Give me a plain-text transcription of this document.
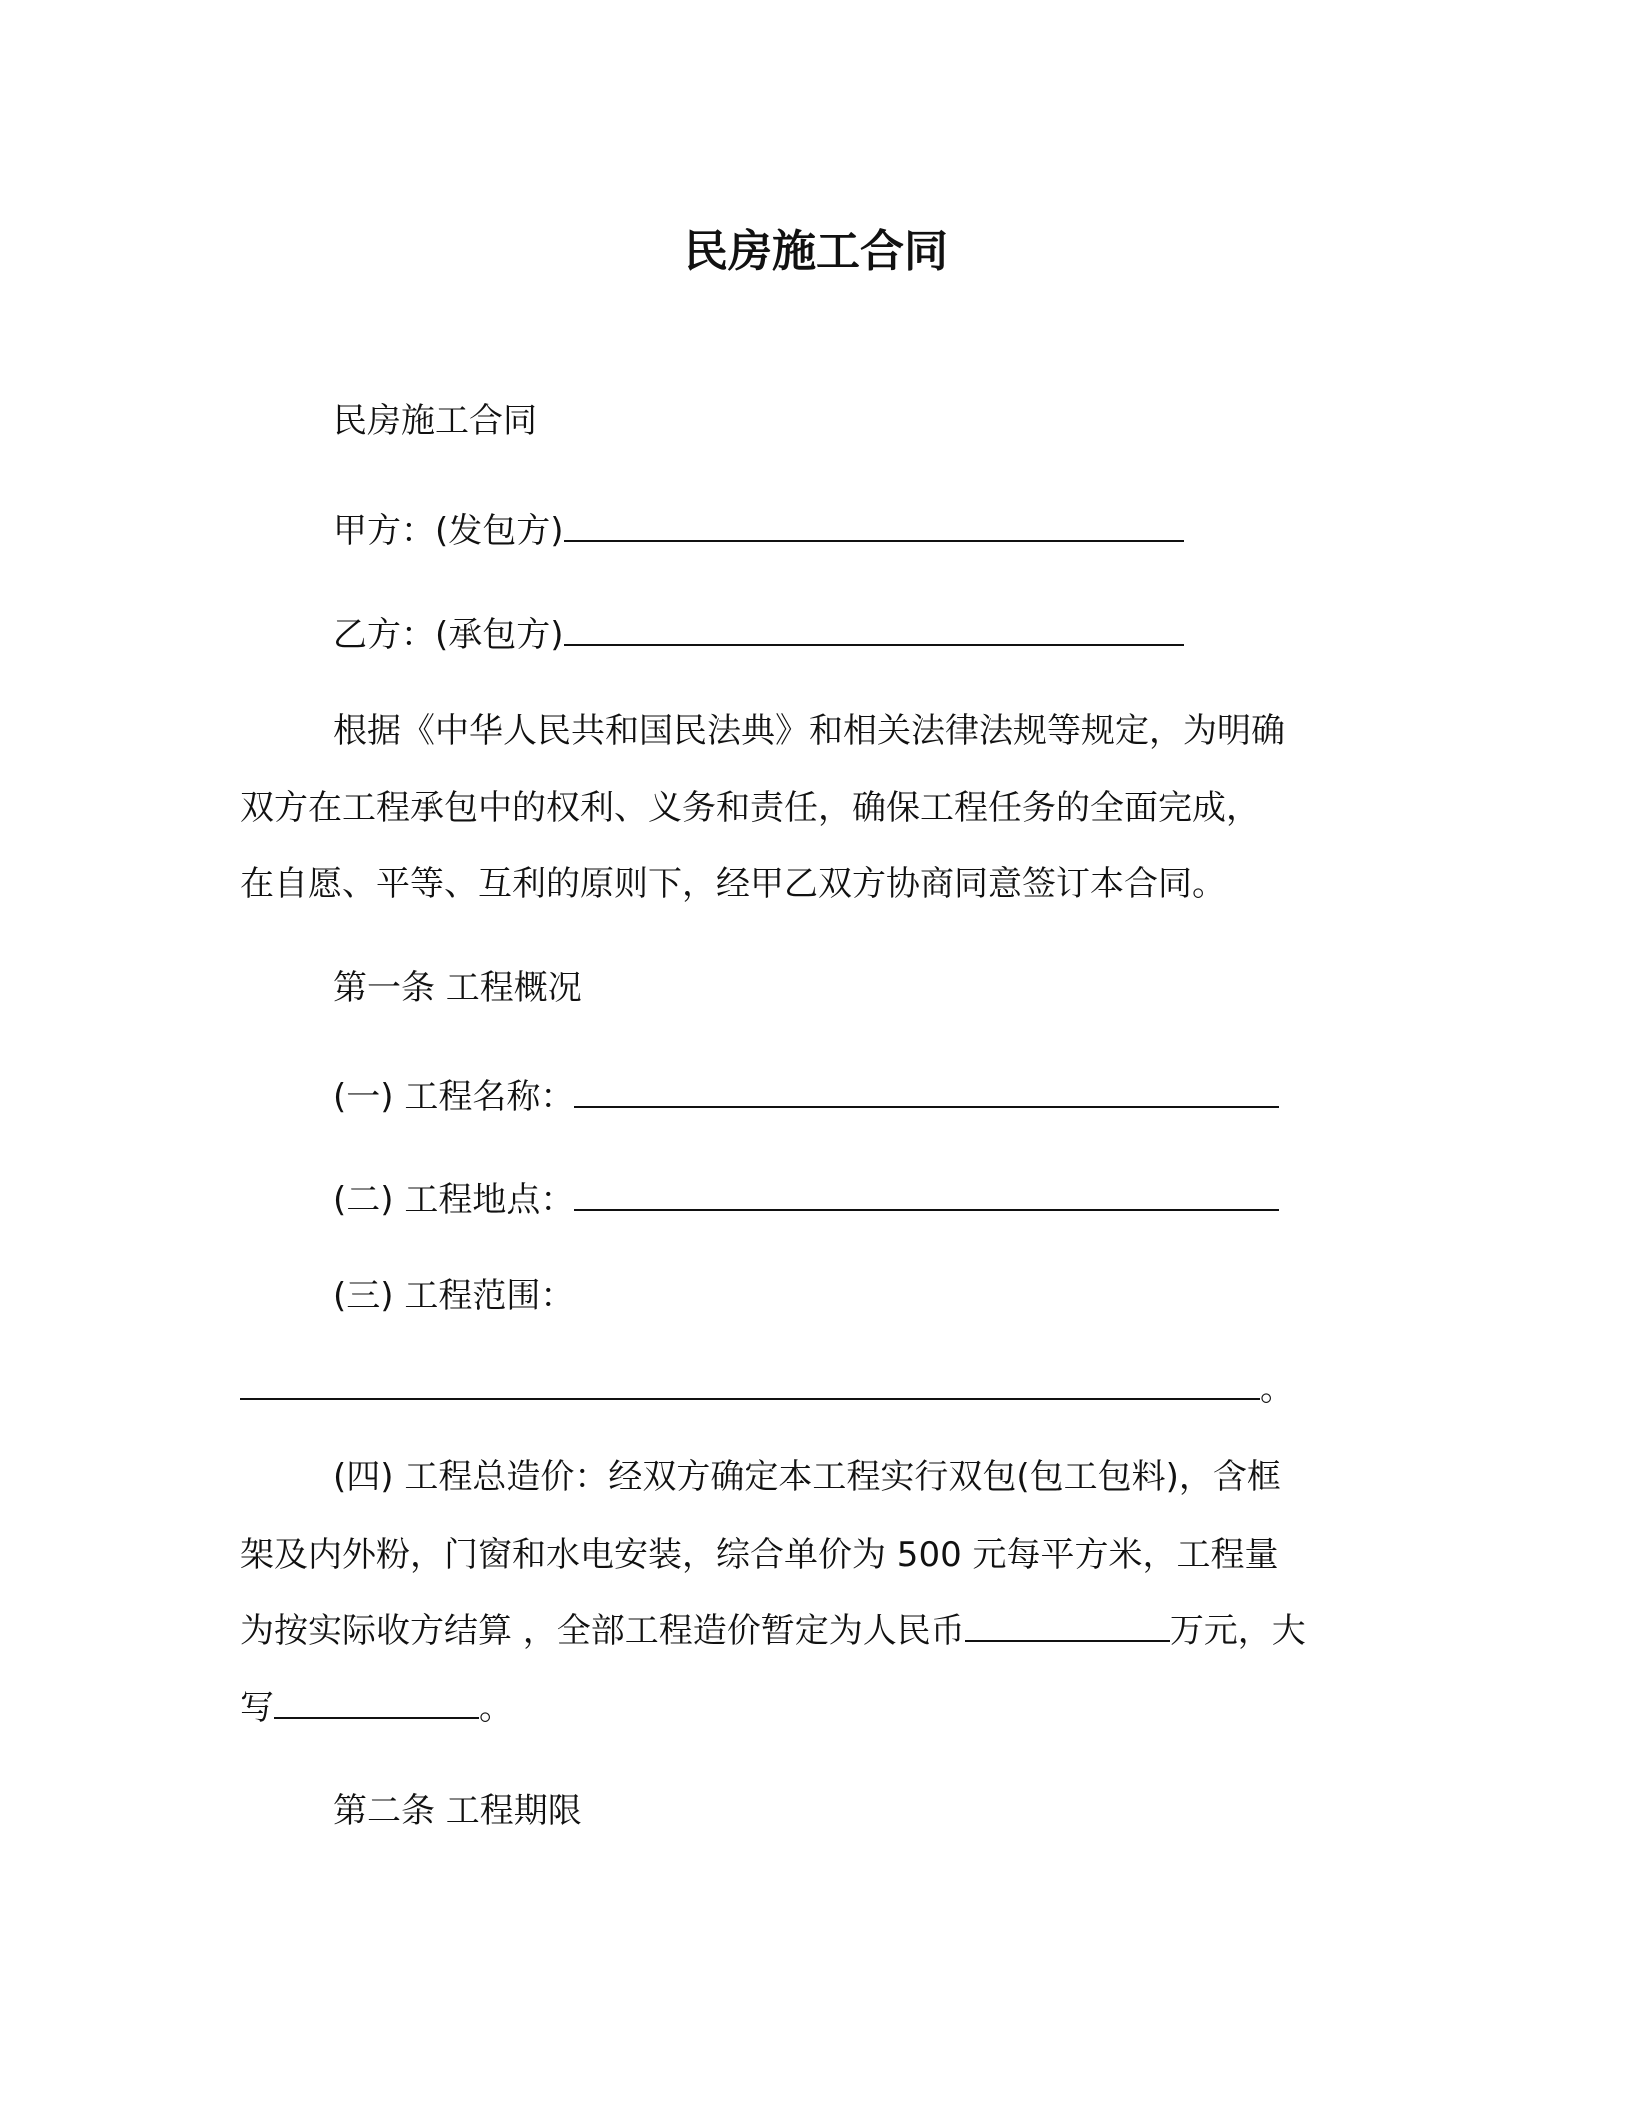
民房施工合同
民房施工合同
甲方：(发包方)
乙方：(承包方)
根据《中华人民共和国民法典》和相关法律法规等规定，为明确
双方在工程承包中的权利、义务和责任，确保工程任务的全面完成，
在自愿、平等、互利的原则下，经甲乙双方协商同意签订本合同。
第一条 工程概况
(一) 工程名称：
(二) 工程地点：
(三) 工程范围：
。
(四) 工程总造价：经双方确定本工程实行双包(包工包料)，含框
架及内外粉，门窗和水电安装，综合单价为 500 元每平方米，工程量
为按实际收方结算 ，全部工程造价暂定为人民币	万元，大
写	。
第二条 工程期限
